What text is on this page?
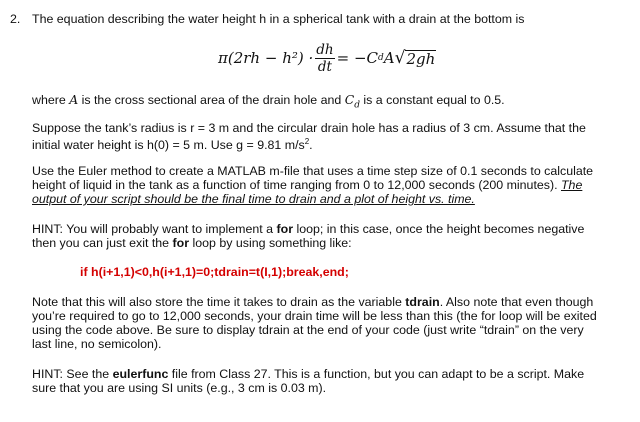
2. The equation describing the water height h in a spherical tank with a drain at the bottom is
π (2rh − h²)
· $\frac{dh}{dt}$ = − C d A √ 2gh
where A is the cross sectional area of the drain hole and $C_d$ is a constant equal to 0.5.
Suppose the tank’s radius is r = 3 m and the circular drain hole has a radius of 3 cm. Assume that the
initial water height is h(0) = 5 m. Use g = 9.81 $m/s^2$.
Use the Euler method to create a MATLAB m-file that uses a time step size of 0.1 seconds to calculate
height of liquid in the tank as a function of time ranging from 0 to 12,000 seconds (200 minutes). The
output of your script should be the final time to drain and a plot of height vs. time.
HINT: You will probably want to implement a for loop; in this case, once the height becomes negative
then you can just exit the for loop by using something like:
if h(i+1,1)<0,h(i+1,1)=0;tdrain=t(I,1);break,end;
Note that this will also store the time it takes to drain as the variable tdrain. Also note that even though
you’re required to go to 12,000 seconds, your drain time will be less than this (the for loop will be exited
using the code above. Be sure to display tdrain at the end of your code (just write “tdrain” on the very
last line, no semicolon).
HINT: See the eulerfunc file from Class 27. This is a function, but you can adapt to be a script. Make
sure that you are using SI units (e.g., 3 cm is 0.03 m).
